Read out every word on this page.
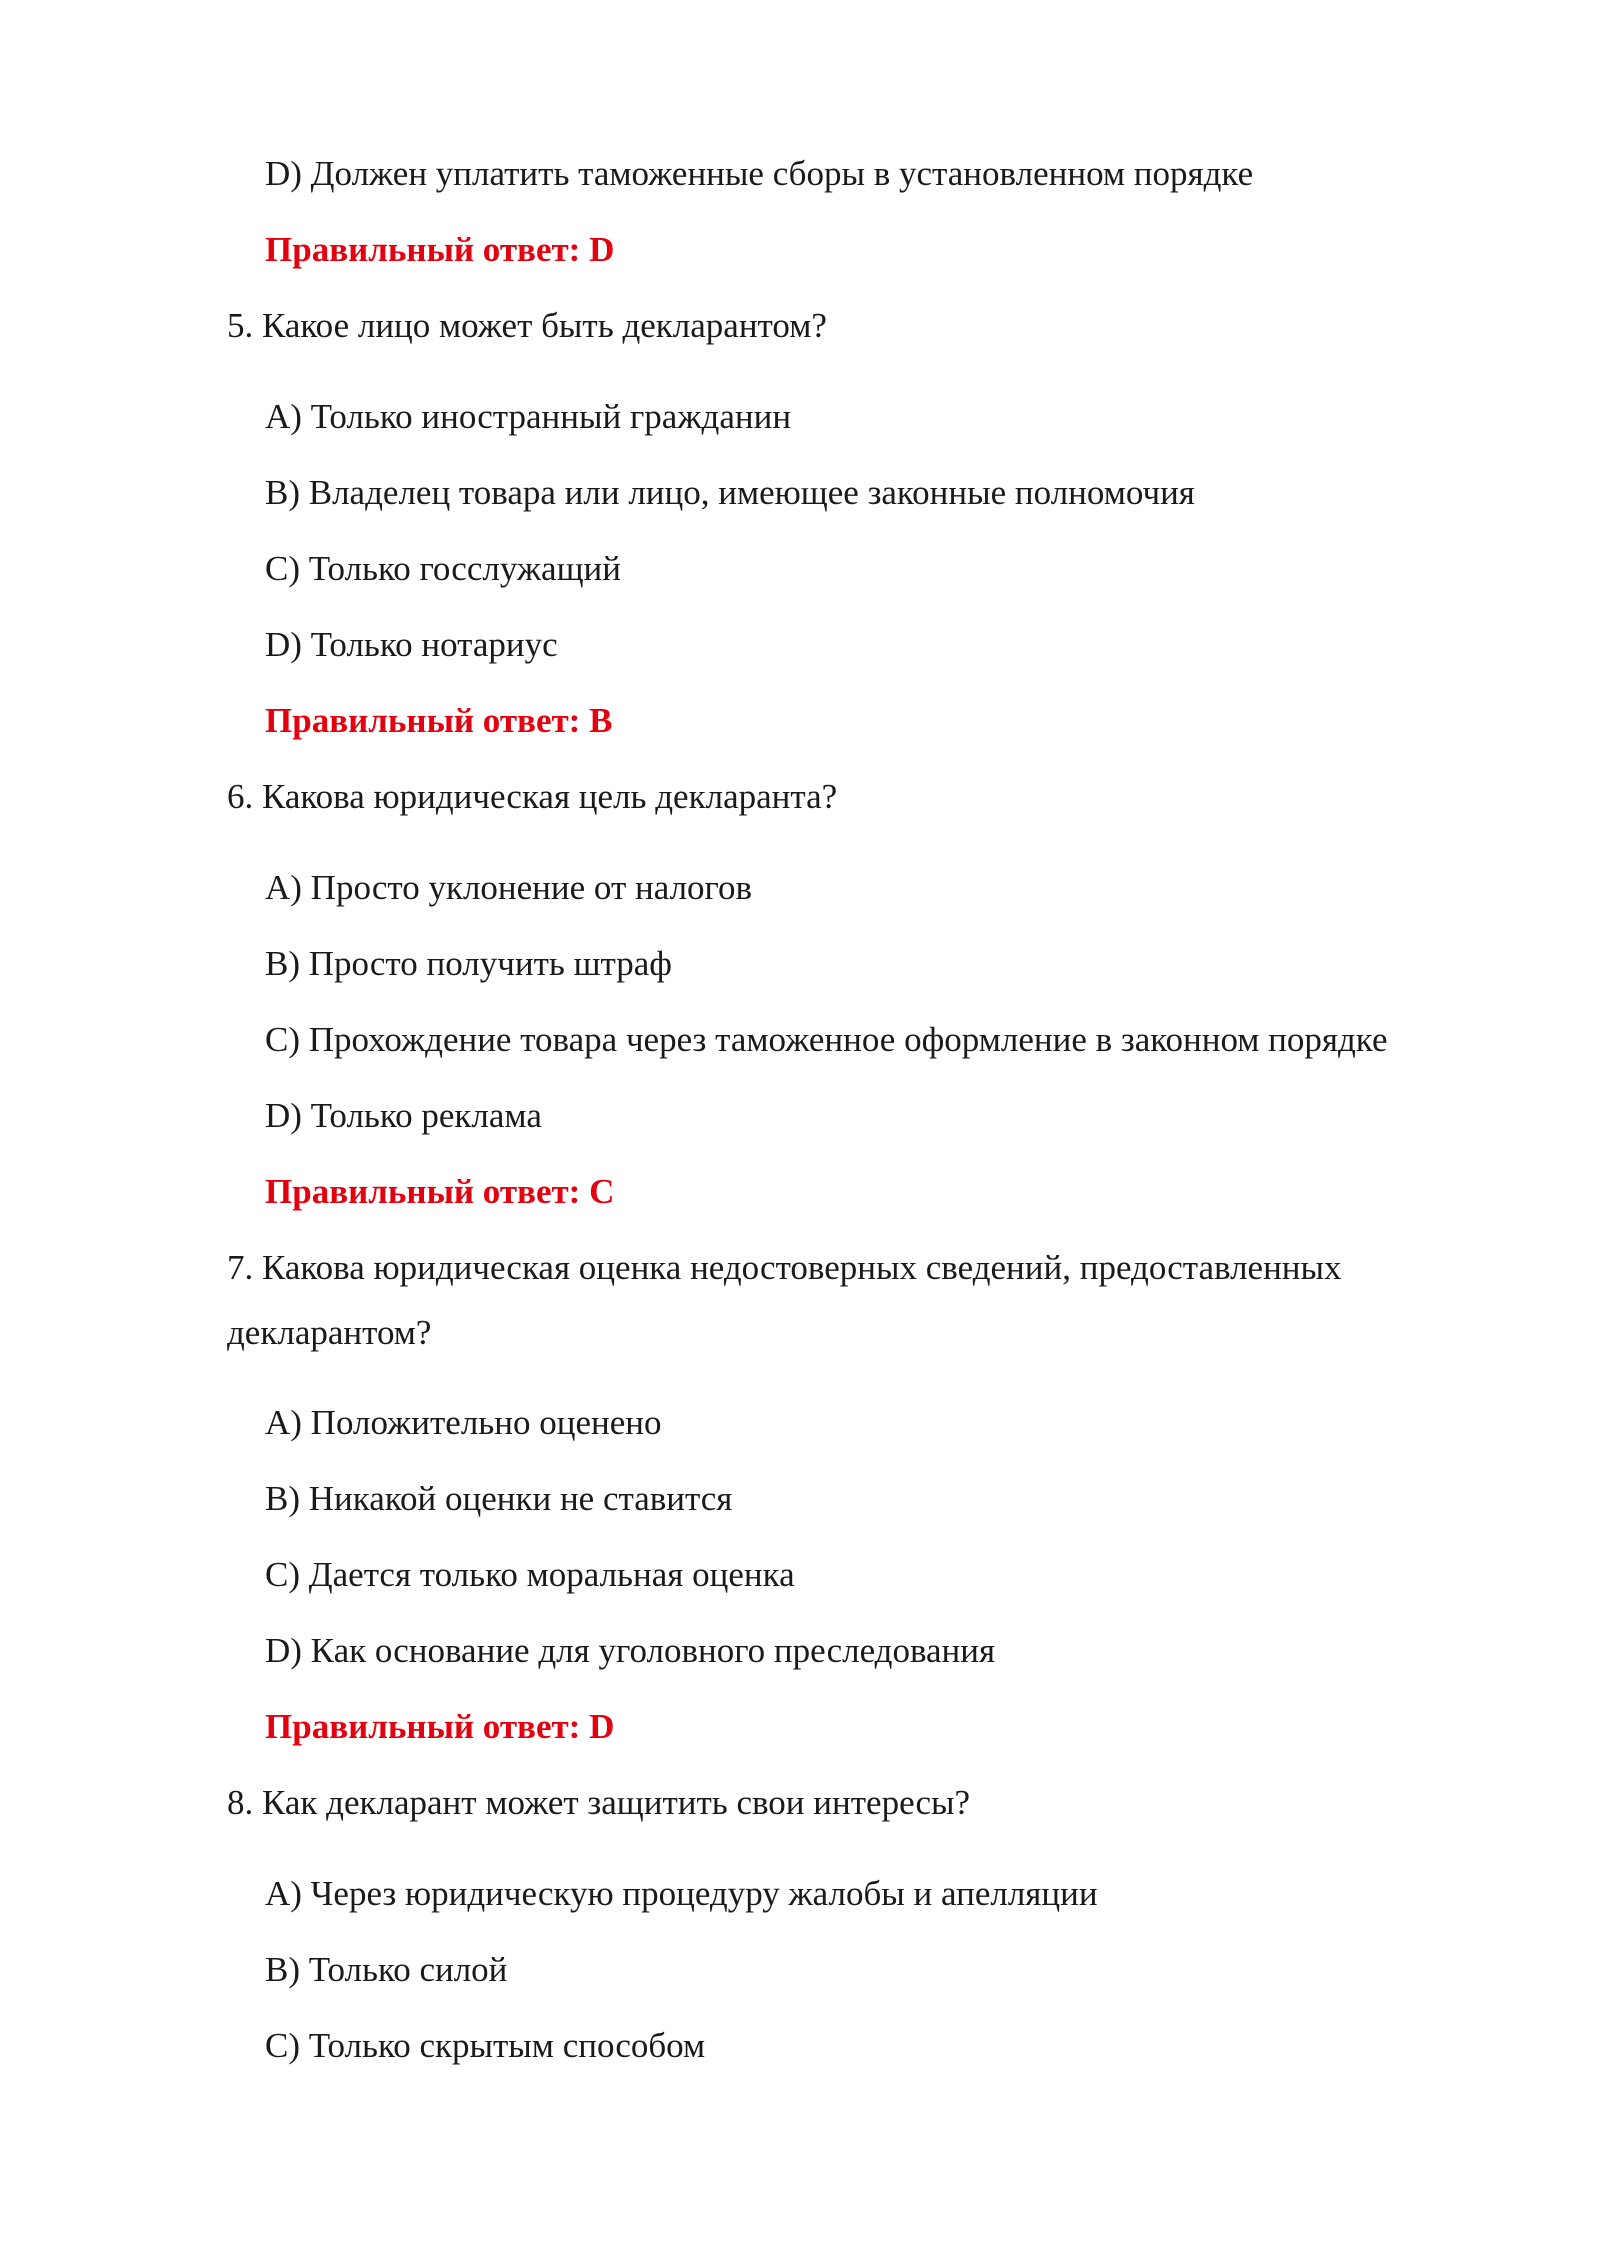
D) Должен уплатить таможенные сборы в установленном порядке
Правильный ответ: D
5. Какое лицо может быть декларантом?
A) Только иностранный гражданин
B) Владелец товара или лицо, имеющее законные полномочия
C) Только госслужащий
D) Только нотариус
Правильный ответ: B
6. Какова юридическая цель декларанта?
A) Просто уклонение от налогов
B) Просто получить штраф
C) Прохождение товара через таможенное оформление в законном порядке
D) Только реклама
Правильный ответ: C
7. Какова юридическая оценка недостоверных сведений, предоставленных
декларантом?
A) Положительно оценено
B) Никакой оценки не ставится
C) Дается только моральная оценка
D) Как основание для уголовного преследования
Правильный ответ: D
8. Как декларант может защитить свои интересы?
A) Через юридическую процедуру жалобы и апелляции
B) Только силой
C) Только скрытым способом
